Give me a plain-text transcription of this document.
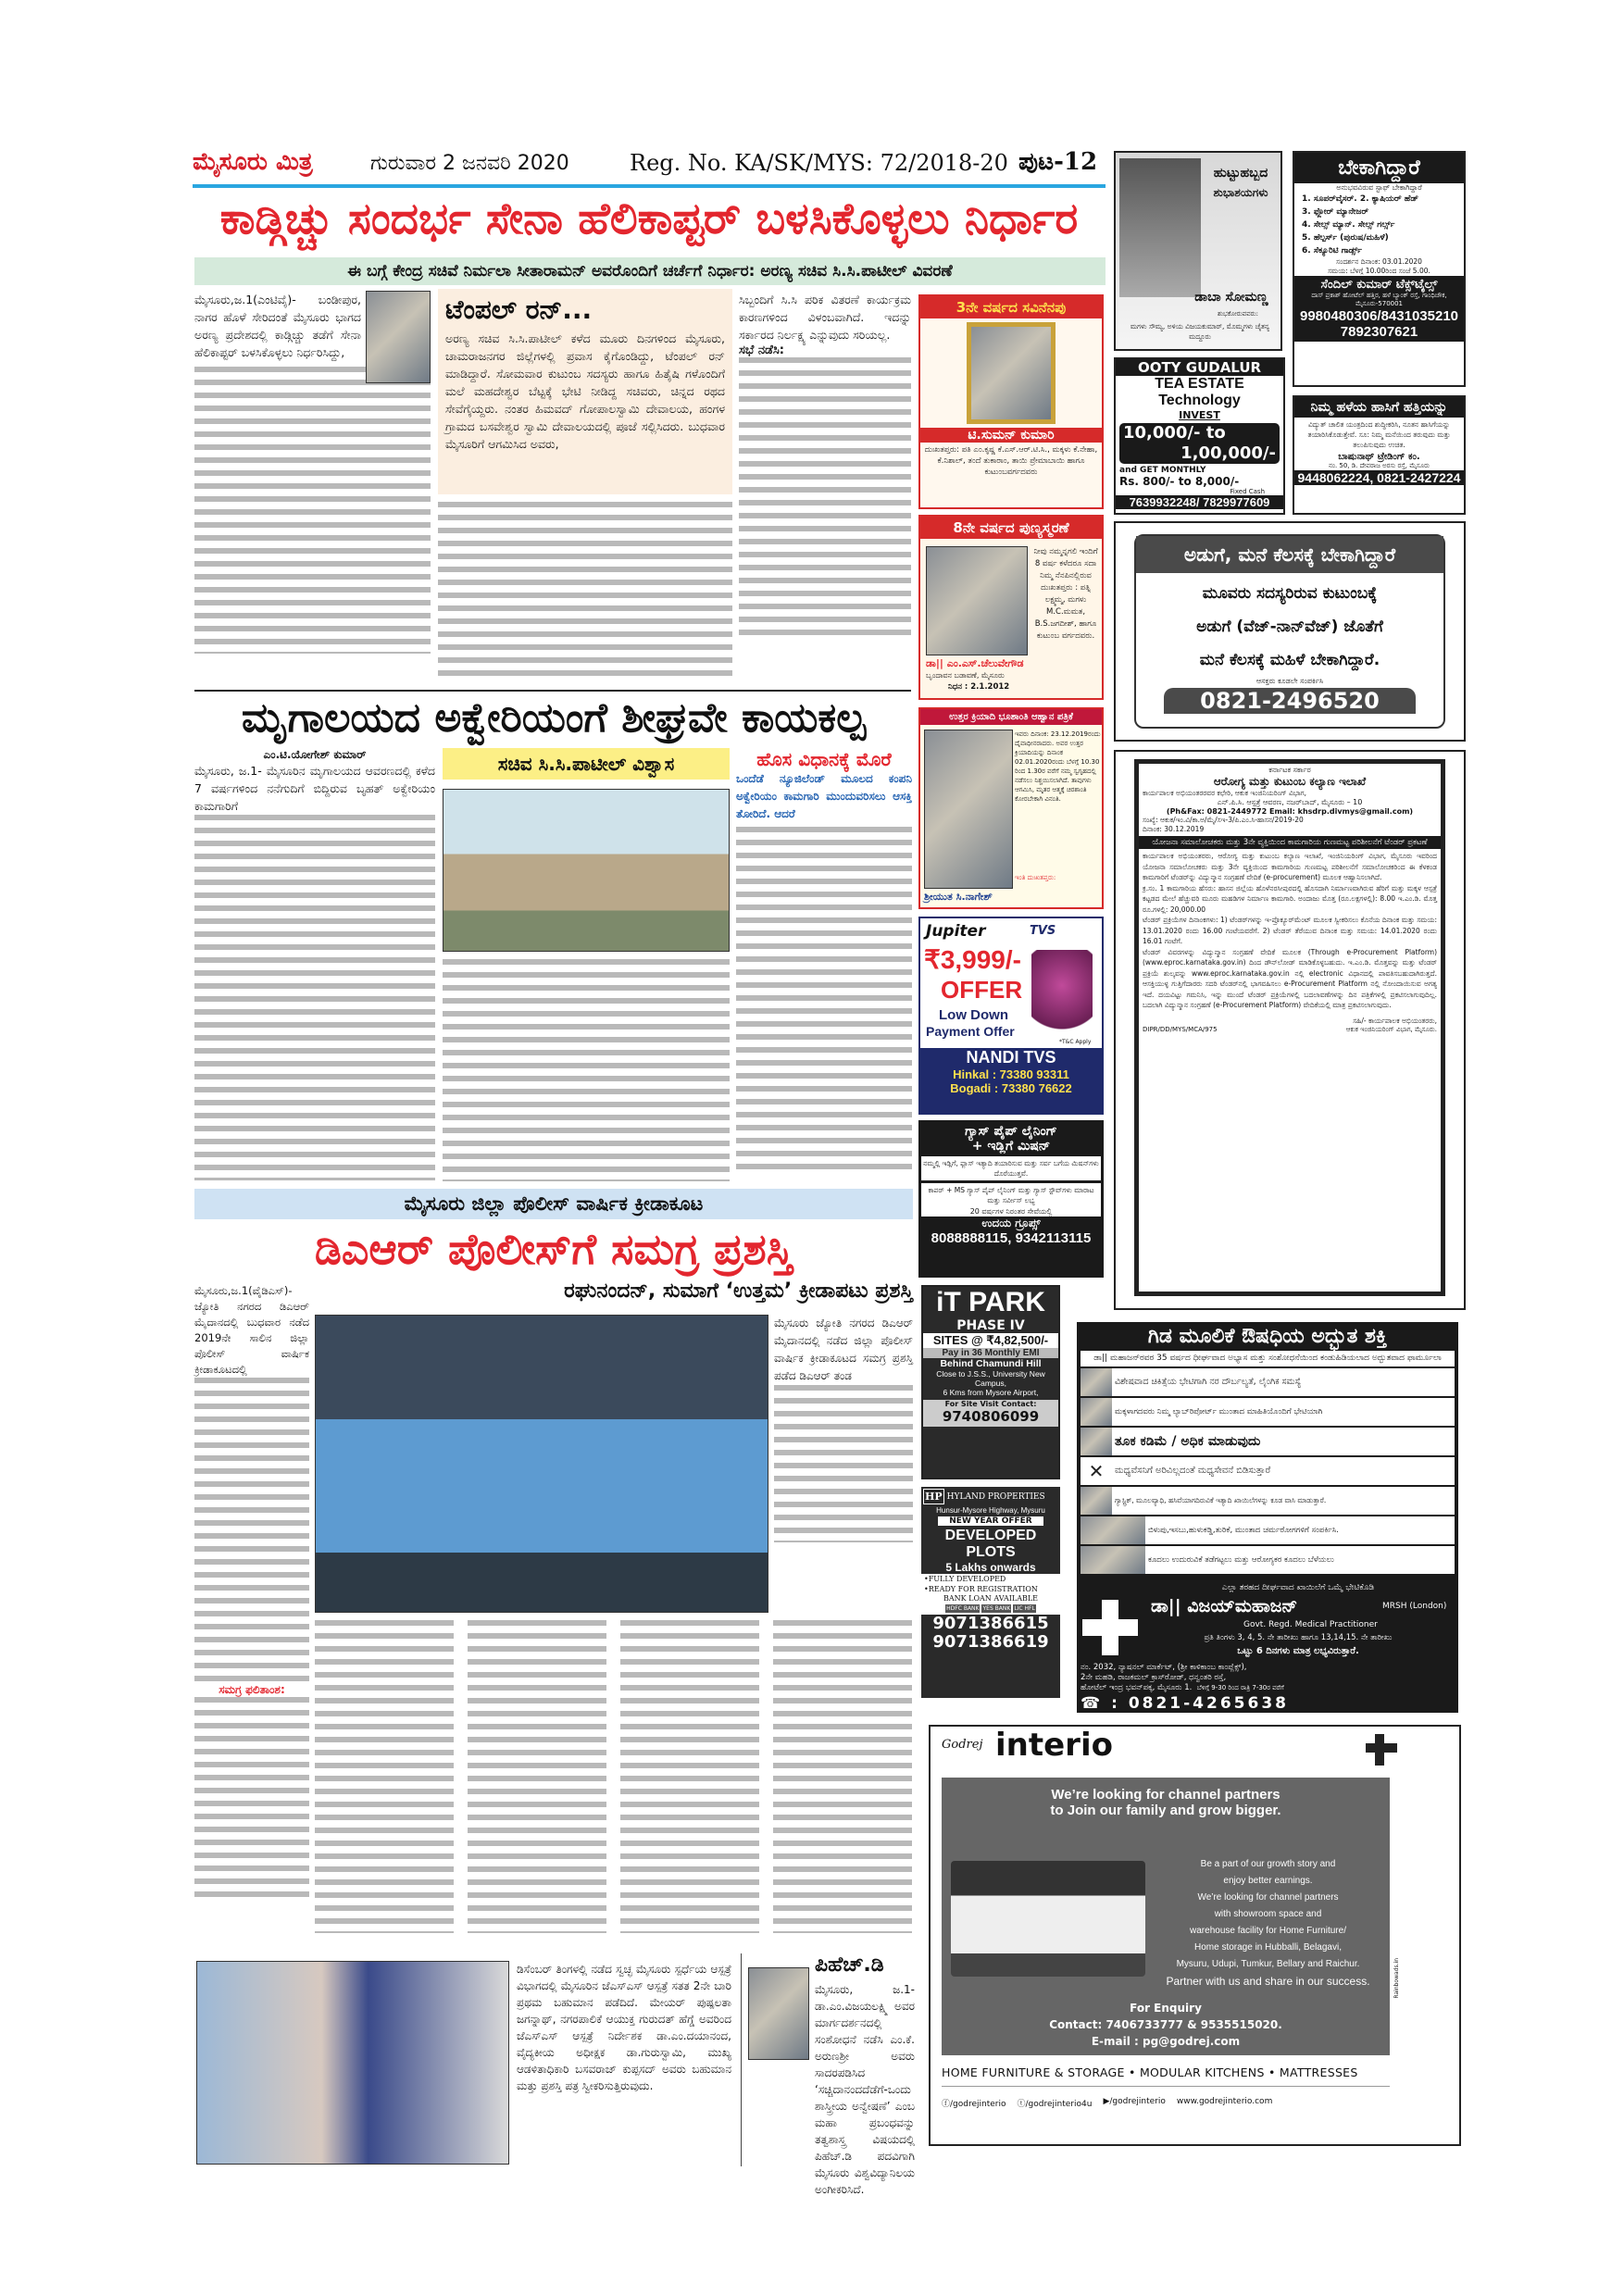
ಮೈಸೂರು ಮಿತ್ರ	ಗುರುವಾರ 2 ಜನವರಿ 2020	Reg. No. KA/SK/MYS: 72/2018-20 ಪುಟ-12
ಕಾಡ್ಗಿಚ್ಚು ಸಂದರ್ಭ ಸೇನಾ ಹೆಲಿಕಾಪ್ಟರ್ ಬಳಸಿಕೊಳ್ಳಲು ನಿರ್ಧಾರ
ಈ ಬಗ್ಗೆ ಕೇಂದ್ರ ಸಚಿವೆ ನಿರ್ಮಲಾ ಸೀತಾರಾಮನ್ ಅವರೊಂದಿಗೆ ಚರ್ಚೆಗೆ ನಿರ್ಧಾರ: ಅರಣ್ಯ ಸಚಿವ ಸಿ.ಸಿ.ಪಾಟೀಲ್ ವಿವರಣೆ
ಮೈಸೂರು,ಜ.1(ಎಂಟಿವೈ)- ಬಂಡೀಪುರ, ನಾಗರ ಹೊಳೆ ಸೇರಿದಂತೆ ಮೈಸೂರು ಭಾಗದ ಅರಣ್ಯ ಪ್ರದೇಶದಲ್ಲಿ ಕಾಡ್ಗಿಚ್ಚು ತಡೆಗೆ ಸೇನಾ ಹೆಲಿಕಾಪ್ಟರ್ ಬಳಸಿಕೊಳ್ಳಲು ನಿರ್ಧರಿಸಿದ್ದು,
ಟೆಂಪಲ್ ರನ್...
ಅರಣ್ಯ ಸಚಿವ ಸಿ.ಸಿ.ಪಾಟೀಲ್ ಕಳೆದ ಮೂರು ದಿನಗಳಿಂದ ಮೈಸೂರು, ಚಾಮರಾಜನಗರ ಜಿಲ್ಲೆಗಳಲ್ಲಿ ಪ್ರವಾಸ ಕೈಗೊಂಡಿದ್ದು, ಟೆಂಪಲ್ ರನ್ ಮಾಡಿದ್ದಾರೆ. ಸೋಮವಾರ ಕುಟುಂಬ ಸದಸ್ಯರು ಹಾಗೂ ಹಿತೈಷಿ ಗಳೊಂದಿಗೆ ಮಲೆ ಮಹದೇಶ್ವರ ಬೆಟ್ಟಕ್ಕೆ ಭೇಟಿ ನೀಡಿದ್ದ ಸಚಿವರು, ಚಿನ್ನದ ರಥದ ಸೇವೆಗೈಯ್ದರು. ನಂತರ ಹಿಮವದ್ ಗೋಪಾಲಸ್ವಾಮಿ ದೇವಾಲಯ, ಹಂಗಳ ಗ್ರಾಮದ ಬಸವೇಶ್ವರ ಸ್ವಾಮಿ ದೇವಾಲಯದಲ್ಲಿ ಪೂಜೆ ಸಲ್ಲಿಸಿದರು. ಬುಧವಾರ ಮೈಸೂರಿಗೆ ಆಗಮಿಸಿದ ಅವರು,
ಸಿಬ್ಬಂದಿಗೆ ಸಿ.ಸಿ ಪರಿಕ ವಿತರಣೆ ಕಾರ್ಯಕ್ರಮ ಕಾರಣಗಳಿಂದ ವಿಳಂಬವಾಗಿದೆ. ಇದನ್ನು ಸರ್ಕಾರದ ನಿರ್ಲಕ್ಷ್ಯ ಎನ್ನುವುದು ಸರಿಯಲ್ಲ.
ಸಭೆ ನಡೆಸಿ:
ಮೃಗಾಲಯದ ಅಕ್ವೇರಿಯಂಗೆ ಶೀಘ್ರವೇ ಕಾಯಕಲ್ಪ
ಎಂ.ಟಿ.ಯೋಗೇಶ್ ಕುಮಾರ್
ಮೈಸೂರು, ಜ.1- ಮೈಸೂರಿನ ಮೃಗಾಲಯದ ಆವರಣದಲ್ಲಿ ಕಳೆದ 7 ವರ್ಷಗಳಿಂದ ನನೆಗುದಿಗೆ ಬಿದ್ದಿರುವ ಬೃಹತ್ ಅಕ್ವೇರಿಯಂ ಕಾಮಗಾರಿಗೆ
ಸಚಿವ ಸಿ.ಸಿ.ಪಾಟೀಲ್ ವಿಶ್ವಾಸ	ಹೊಸ ವಿಧಾನಕ್ಕೆ ಮೊರೆ
ಒಂದೆಡೆ ನ್ಯೂಜಿಲೆಂಡ್ ಮೂಲದ ಕಂಪನಿ ಅಕ್ವೇರಿಯಂ ಕಾಮಗಾರಿ ಮುಂದುವರಿಸಲು ಆಸಕ್ತಿ ತೋರಿದೆ. ಆದರೆ
ಮೈಸೂರು ಜಿಲ್ಲಾ ಪೊಲೀಸ್ ವಾರ್ಷಿಕ ಕ್ರೀಡಾಕೂಟ
ಡಿಎಆರ್ ಪೊಲೀಸ್‌ಗೆ ಸಮಗ್ರ ಪ್ರಶಸ್ತಿ
ರಘುನಂದನ್, ಸುಮಾಗೆ ‘ಉತ್ತಮ’ ಕ್ರೀಡಾಪಟು ಪ್ರಶಸ್ತಿ
ಮೈಸೂರು,ಜ.1(ವೈಡಿಎಸ್)- ಜ್ಯೋತಿ ನಗರದ ಡಿಎಆರ್ ಮೈದಾನದಲ್ಲಿ ಬುಧವಾರ ನಡೆದ 2019ನೇ ಸಾಲಿನ ಜಿಲ್ಲಾ ಪೊಲೀಸ್ ವಾರ್ಷಿಕ ಕ್ರೀಡಾಕೂಟದಲ್ಲಿ
ಸಮಗ್ರ ಫಲಿತಾಂಶ:
ಮೈಸೂರು ಜ್ಯೋತಿ ನಗರದ ಡಿಎಆರ್ ಮೈದಾನದಲ್ಲಿ ನಡೆದ ಜಿಲ್ಲಾ ಪೊಲೀಸ್ ವಾರ್ಷಿಕ ಕ್ರೀಡಾಕೂಟದ ಸಮಗ್ರ ಪ್ರಶಸ್ತಿ ಪಡೆದ ಡಿಎಆರ್ ತಂಡ
ಡಿಸೆಂಬರ್ ತಿಂಗಳಲ್ಲಿ ನಡೆದ ಸ್ವಚ್ಛ ಮೈಸೂರು ಸ್ಪರ್ಧೆಯ ಆಸ್ಪತ್ರೆ ವಿಭಾಗದಲ್ಲಿ ಮೈಸೂರಿನ ಜೆಎಸ್‌ಎಸ್ ಆಸ್ಪತ್ರೆ ಸತತ 2ನೇ ಬಾರಿ ಪ್ರಥಮ ಬಹುಮಾನ ಪಡೆದಿದೆ. ಮೇಯರ್ ಪುಷ್ಪಲತಾ ಜಗನ್ನಾಥ್, ನಗರಪಾಲಿಕೆ ಆಯುಕ್ತ ಗುರುದತ್ ಹೆಗ್ಡೆ ಅವರಿಂದ ಜೆಎಸ್‌ಎಸ್ ಆಸ್ಪತ್ರೆ ನಿರ್ದೇಶಕ ಡಾ.ಎಂ.ದಯಾನಂದ, ವೈದ್ಯಕೀಯ ಅಧೀಕ್ಷಕ ಡಾ.ಗುರುಸ್ವಾಮಿ, ಮುಖ್ಯ ಆಡಳಿತಾಧಿಕಾರಿ ಬಸವರಾಜ್ ಕುಪ್ಪಸದ್ ಅವರು ಬಹುಮಾನ ಮತ್ತು ಪ್ರಶಸ್ತಿ ಪತ್ರ ಸ್ವೀಕರಿಸುತ್ತಿರುವುದು.
ಪಿಹೆಚ್.ಡಿ
ಮೈಸೂರು, ಜ.1- ಡಾ.ಎಂ.ವಿಜಯಲಕ್ಷ್ಮಿ ಅವರ ಮಾರ್ಗದರ್ಶನದಲ್ಲಿ ಸಂಶೋಧನೆ ನಡೆಸಿ ಎಂ.ಕೆ. ಅರುಣಶ್ರೀ ಅವರು ಸಾದರಪಡಿಸಿದ ‘ಸಚ್ಚಿದಾನಂದದೆಡೆಗೆ-ಒಂದು ಶಾಸ್ತ್ರೀಯ ಅನ್ವೇಷಣೆ’ ಎಂಬ ಮಹಾ ಪ್ರಬಂಧವನ್ನು ತತ್ವಶಾಸ್ತ್ರ ವಿಷಯದಲ್ಲಿ ಪಿಹೆಚ್.ಡಿ ಪದವಿಗಾಗಿ ಮೈಸೂರು ವಿಶ್ವವಿದ್ಯಾನಿಲಯ ಅಂಗೀಕರಿಸಿದೆ.
3ನೇ ವರ್ಷದ ಸವಿನೆನಪು
ಟಿ.ಸುಮನ್ ಕುಮಾರಿ
ದುಃಖತಪ್ತರು: ಪತಿ ಎಂ.ಕೃಷ್ಣ ಕೆ.ಎಸ್.ಆರ್.ಟಿ.ಸಿ., ಮಕ್ಕಳು ಕೆ.ನೇಹಾ, ಕೆ.ನಿಶಾಲ್, ತಂದೆ ತುಕಾರಾಂ, ತಾಯಿ ಪ್ರೇಮಾಬಾಯಿ ಹಾಗೂ ಕುಟುಂಬವರ್ಗದವರು
8ನೇ ವರ್ಷದ ಪುಣ್ಯಸ್ಮರಣೆ
ನೀವು ನಮ್ಮನ್ನಗಲಿ ಇಂದಿಗೆ 8 ವರ್ಷ ಕಳೆದರೂ ಸದಾ ನಿಮ್ಮ ನೆನಪಿನಲ್ಲಿರುವ ದುಃಖತಪ್ತರು : ಪತ್ನಿ ಲಕ್ಷ್ಮಮ್ಮ, ಮಗಳು M.C.ಮಮತ, B.S.ಜಗದೀಶ್, ಹಾಗೂ ಕುಟುಂಬ ವರ್ಗದವರು.
ಡಾ|| ಎಂ.ಎಸ್.ಚೆಲುವೇಗೌಡ
ಬೃಂದಾವನ ಬಡಾವಣೆ, ಮೈಸೂರು
ನಿಧನ : 2.1.2012
ಉತ್ತರ ಕ್ರಿಯಾದಿ ಭೂಶಾಂತಿ ಆಹ್ವಾನ ಪತ್ರಿಕೆ
ಇವರು ದಿನಾಂಕ: 23.12.2019ರಂದು ದೈವಾಧೀನರಾದರು. ಅವರ ಉತ್ತರ ಕ್ರಿಯಾದಿಯನ್ನು ದಿನಾಂಕ 02.01.2020ರಂದು ಬೆಳಗ್ಗೆ 10.30 ರಿಂದ 1.30ರ ವರೆಗೆ ನಮ್ಮ ಸ್ವಗೃಹದಲ್ಲಿ ನಡೆಸಲು ನಿಶ್ಚಯಿಸಲಾಗಿದೆ. ತಾವುಗಳು ಆಗಮಿಸಿ, ಮೃತರ ಆತ್ಮಕ್ಕೆ ಚಿರಶಾಂತಿ ಕೋರಬೇಕಾಗಿ ವಿನಂತಿ.
ಇಂತಿ ದುಃಖತಪ್ತರು:
ಶ್ರೀಯುತ ಸಿ.ನಾಗೇಶ್
Jupiter	TVS
₹3,999/-
OFFER
Low Down
Payment Offer
*T&C Apply
NANDI TVS
Hinkal : 73380 93311
Bogadi : 73380 76622
ಗ್ಯಾಸ್ ಪೈಪ್ ಲೈನಿಂಗ್
+ ಇಡ್ಲಿಗೆ ಮಿಷನ್
ನಮ್ಮಲ್ಲಿ ಇಡ್ಲಿಗೆ, ಫ್ಲಾಸ್ ಇತ್ಯಾದಿ ತಯಾರಿಸುವ ಮತ್ತು ಸರ್ವ ಬಗೆಯ ಮಿಷನ್‌ಗಳು ದೊರೆಯುತ್ತವೆ.
ಕಾಪರ್ + MS ಗ್ಯಾಸ್ ಪೈಪ್ ಲೈನಿಂಗ್ ಮತ್ತು ಗ್ಯಾಸ್ ಸ್ಟೌವ್‌ಗಳು ಮಾರಾಟ ಮತ್ತು ಸರ್ವೀಸ್ ಲಭ್ಯ
20 ವರ್ಷಗಳ ನಿರಂತರ ಸೇವೆಯಲ್ಲಿ
ಉದಯ ಗ್ರೂಪ್ಸ್
8088888115, 9342113115
iT PARK
PHASE IV
SITES @ ₹4,82,500/-
Pay in 36 Monthly EMI
Behind Chamundi Hill
Close to J.S.S., University New Campus,
6 Kms from Mysore Airport,
For Site Visit Contact:
9740806099
HP HYLAND PROPERTIES
Hunsur-Mysore Highway, Mysuru
NEW YEAR OFFER
DEVELOPED PLOTS
5 Lakhs onwards
•FULLY DEVELOPED
•READY FOR REGISTRATION
BANK LOAN AVAILABLE
HDFC BANK YES BANK LIC HFL
9071386615
9071386619
ಹುಟ್ಟುಹಬ್ಬದ
ಶುಭಾಶಯಗಳು
ಡಾಬಾ ಸೋಮಣ್ಣ
ಶುಭಕೋರುವವರು:
ಮಗಳು ಸೌಮ್ಯ, ಅಳಿಯ ವಿಜಯಕುಮಾರ್, ಮೊಮ್ಮಗಳು ಚೈತನ್ಯ ಮದ್ದೂರು
ಬೇಕಾಗಿದ್ದಾರೆ
ಅನುಭವವಿರುವ ಸ್ಟಾಫ್ ಬೇಕಾಗಿದ್ದಾರೆ
1. ಸೂಪರ್‌ವೈಸರ್. 2. ಕ್ಯಾಷಿಯರ್ ಹೆಡ್
3. ಫ್ಲೋರ್ ಮ್ಯಾನೇಜರ್
4. ಸೇಲ್ಸ್ ಮ್ಯಾನ್. ಸೇಲ್ಸ್ ಗರ್ಲ್ಸ್
5. ಹೆಲ್ಪರ್ಸ್ (ಪುರುಷ/ಮಹಿಳೆ)
6. ಸೆಕ್ಯೂರಿಟಿ ಗಾರ್ಡ್ಸ್
ಸಂದರ್ಶನ ದಿನಾಂಕ: 03.01.2020
ಸಮಯ: ಬೆಳಗ್ಗೆ 10.00ರಿಂದ ಸಂಜೆ 5.00.
ಸೆಂದಿಲ್ ಕುಮಾರ್ ಟೆಕ್ಸ್‌ಟೈಲ್ಸ್
ದಾಸ್ ಪ್ರಕಾಶ್ ಹೋಟೆಲ್ ಹತ್ತಿರ, ಹಳೆ ಬ್ಯಾಂಕ್ ರಸ್ತೆ, ಗಾಂಧಿಚೌಕ, ಮೈಸೂರು-570001
9980480306/8431035210
7892307621
OOTY GUDALUR
TEA ESTATE Technology
INVEST
10,000/- to
1,00,000/-
and GET MONTHLY
Rs. 800/- to 8,000/-
Fixed Cash
7639932248/ 7829977609
ನಿಮ್ಮ ಹಳೆಯ ಹಾಸಿಗೆ ಹತ್ತಿಯನ್ನು
ವಿದ್ಯುತ್ ಚಾಲಿತ ಯಂತ್ರದಿಂದ ಶುದ್ಧೀಕರಿಸಿ, ನೂತನ ಹಾಸಿಗೆಯನ್ನು ತಯಾರಿಸಿಕೊಡುತ್ತೇವೆ. ಸೂ: ನಿಮ್ಮ ಮನೆಯಿಂದ ತರುವುದು ಮತ್ತು ತಲುಪಿಸುವುದು ಉಚಿತ.
ಬಾಷುನಾಥ್ ಟ್ರೇಡಿಂಗ್ ಕಂ.
ನಂ. 50, ಡಿ. ದೇವರಾಜ ಅರಸು ರಸ್ತೆ, ಮೈಸೂರು
9448062224, 0821-2427224
ಅಡುಗೆ, ಮನೆ ಕೆಲಸಕ್ಕೆ ಬೇಕಾಗಿದ್ದಾರೆ
ಮೂವರು ಸದಸ್ಯರಿರುವ ಕುಟುಂಬಕ್ಕೆ
ಅಡುಗೆ (ವೆಜ್-ನಾನ್‌ವೆಜ್) ಜೊತೆಗೆ
ಮನೆ ಕೆಲಸಕ್ಕೆ ಮಹಿಳೆ ಬೇಕಾಗಿದ್ದಾರೆ.
ಆಸಕ್ತರು ಕೂಡಲೇ ಸಂಪರ್ಕಿಸಿ
0821-2496520
ಕರ್ನಾಟಕ ಸರ್ಕಾರ
ಆರೋಗ್ಯ ಮತ್ತು ಕುಟುಂಬ ಕಲ್ಯಾಣ ಇಲಾಖೆ
ಕಾರ್ಯಪಾಲಕ ಅಭಿಯಂತರರವರ ಕಛೇರಿ, ಆಕುಕ ಇಂಜಿನಿಯರಿಂಗ್ ವಿಭಾಗ,
ಎನ್.ಪಿ.ಸಿ. ಆಸ್ಪತ್ರೆ ಆವರಣ, ನಜರ್‌ಬಾದ್, ಮೈಸೂರು – 10
(Ph&Fax: 0821-2449772 Email: khsdrp.divmys@gmail.com)
ಸಂಖ್ಯೆ: ಆಕುಕ/ಇಂ.ವಿ/ಕಾ.ಅ/ಮೈ/ಸಇ-3/ಪಿ.ಎಂ.ಸಿ-ಹಾಸನ/2019-20
ದಿನಾಂಕ: 30.12.2019
ಯೋಜನಾ ಸಮಾಲೋಚಕರು ಮತ್ತು 3ನೇ ವ್ಯಕ್ತಿಯಿಂದ ಕಾಮಗಾರಿಯ ಗುಣಮಟ್ಟ ಪರಿಶೀಲನೆಗೆ ಟೆಂಡರ್ ಪ್ರಕಟಣೆ
ಕಾರ್ಯಪಾಲಕ ಅಭಿಯಂತರರು, ಆರೋಗ್ಯ ಮತ್ತು ಕುಟುಂಬ ಕಲ್ಯಾಣ ಇಲಾಖೆ, ಇಂಜಿನಿಯರಿಂಗ್ ವಿಭಾಗ, ಮೈಸೂರು ಇವರಿಂದ ಯೋಜನಾ ಸಮಾಲೋಚಕರು ಮತ್ತು 3ನೇ ವ್ಯಕ್ತಿಯಿಂದ ಕಾಮಗಾರಿಯ ಗುಣಮಟ್ಟ ಪರಿಶೀಲನೆಗೆ ಸಮಾಲೋಚಕರಿಂದ ಈ ಕೆಳಕಂಡ ಕಾಮಗಾರಿಗೆ ಟೆಂಡರ್‌ನ್ನು ವಿದ್ಯುನ್ಮಾನ ಸಂಗ್ರಹಣೆ ವೇದಿಕೆ (e-procurement) ಮೂಲಕ ಆಹ್ವಾನಿಸಲಾಗಿದೆ.
ಕ್ರ.ಸಂ. 1 ಕಾಮಗಾರಿಯ ಹೆಸರು: ಹಾಸನ ಜಿಲ್ಲೆಯ ಹೊಳೆನರಸೀಪುರದಲ್ಲಿ ಹೊಸದಾಗಿ ನಿರ್ಮಾಣವಾಗಿರುವ ಹೆರಿಗೆ ಮತ್ತು ಮಕ್ಕಳ ಆಸ್ಪತ್ರೆ ಕಟ್ಟಡದ ಮೇಲೆ ಹೆಚ್ಚುವರಿ ಮೂರು ಮಹಡಿಗಳ ನಿರ್ಮಾಣ ಕಾಮಗಾರಿ. ಅಂದಾಜು ಮೊತ್ತ (ರೂ.ಲಕ್ಷಗಳಲ್ಲಿ): 8.00 ಇ.ಎಂ.ಡಿ. ಮೊತ್ತ ರೂ.ಗಳಲ್ಲಿ: 20,000.00
ಟೆಂಡರ್ ಪ್ರಕ್ರಿಯೆಗಳ ದಿನಾಂಕಗಳು: 1) ಟೆಂಡರ್‌ಗಳನ್ನು ಇ-ಪ್ರೊಕ್ಯೂರ್‌ಮೆಂಟ್ ಮೂಲಕ ಸ್ವೀಕರಿಸಲು ಕೊನೆಯ ದಿನಾಂಕ ಮತ್ತು ಸಮಯ: 13.01.2020 ರಂದು 16.00 ಗಂಟೆಯವರೆಗೆ. 2) ಟೆಂಡರ್ ತೆರೆಯುವ ದಿನಾಂಕ ಮತ್ತು ಸಮಯ: 14.01.2020 ರಂದು 16.01 ಗಂಟೆಗೆ.
ಟೆಂಡರ್ ವಿವರಗಳನ್ನು ವಿದ್ಯುನ್ಮಾನ ಸಂಗ್ರಹಣೆ ವೇದಿಕೆ ಮೂಲಕ (Through e-Procurement Platform) (www.eproc.karnataka.gov.in) ದಿಂದ ಡೌನ್‌ಲೋಡ್ ಮಾಡಿಕೊಳ್ಳಬಹುದು. ಇ.ಎಂ.ಡಿ. ಮೊತ್ತವನ್ನು ಮತ್ತು ಟೆಂಡರ್ ಪ್ರಕ್ರಿಯೆ ಶುಲ್ಕವನ್ನು www.eproc.karnataka.gov.in ನಲ್ಲಿ electronic ವಿಧಾನದಲ್ಲಿ ಪಾವತಿಸಬಹುದಾಗಿರುತ್ತದೆ. ಆಸಕ್ತಿಯುಳ್ಳ ಗುತ್ತಿಗೆದಾರರು ಸದರಿ ಟೆಂಡರ್‌ನಲ್ಲಿ ಭಾಗವಹಿಸಲು e-Procurement Platform ನಲ್ಲಿ ನೋಂದಾಯಿಸುವ ಅಗತ್ಯ ಇದೆ. ದಯವಿಟ್ಟು ಗಮನಿಸಿ, ಇನ್ನು ಮುಂದೆ ಟೆಂಡರ್ ಪ್ರಕ್ರಿಯೆಗಳಲ್ಲಿ ಬದಲಾವಣೆಗಳನ್ನು ದಿನ ಪತ್ರಿಕೆಗಳಲ್ಲಿ ಪ್ರಕಟಿಸಲಾಗುವುದಿಲ್ಲ. ಬದಲಾಗಿ ವಿದ್ಯುನ್ಮಾನ ಸಂಗ್ರಹಣೆ (e-Procurement Platform) ವೇದಿಕೆಯಲ್ಲಿ ಮಾತ್ರ ಪ್ರಕಟಿಸಲಾಗುವುದು.
ಸಹಿ/- ಕಾರ್ಯಪಾಲಕ ಅಭಿಯಂತರರು,
DIPR/DD/MYS/MCA/975	ಆಕುಕ ಇಂಜಿನಿಯರಿಂಗ್ ವಿಭಾಗ, ಮೈಸೂರು.
ಗಿಡ ಮೂಲಿಕೆ ಔಷಧಿಯ ಅದ್ಭುತ ಶಕ್ತಿ
ಡಾ|| ಮಹಾಜನ್‌ರವರ 35 ವರ್ಷದ ಧೀರ್ಘವಾದ ಅಭ್ಯಾಸ ಮತ್ತು ಸಂಶೋಧನೆಯಿಂದ ಕಂಡುಹಿಡಿಯಲಾದ ಅದ್ಭುತವಾದ ಫಾರ್ಮೂಲಾ
ವಿಶೇಷವಾದ ಚಿಕಿತ್ಸೆಯ ಭೇಟಿಗಾಗಿ ನರ ದೌರ್ಬಲ್ಯತೆ, ಲೈಂಗಿಕ ಸಮಸ್ಯೆ
ಮಕ್ಕಳಾಗದವರು ನಿಮ್ಮ ಲ್ಯಾಬ್‌ರಿಪೋರ್ಟ್ ಮುಂತಾದ ಮಾಹಿತಿಯೊಂದಿಗೆ ಭೇಟಿಯಾಗಿ
ತೂಕ ಕಡಿಮೆ / ಅಧಿಕ ಮಾಡುವುದು
✕	ಮಧ್ಯವೆಸನಿಗೆ ಅರಿವಿಲ್ಲದಂತೆ ಮಧ್ಯಸೇವನೆ ಬಿಡಿಸುತ್ತಾರೆ
ಗ್ಯಾಸ್ಟ್ರಿಕ್, ಮೂಲವ್ಯಾಧಿ, ಹಸಿವೆಯಾಗದಿರುವಿಕೆ ಇತ್ಯಾದಿ ಖಾಯಿಲೆಗಳನ್ನು ಕೂಡ ವಾಸಿ ಮಾಡುತ್ತಾರೆ.
ಬಿಳುಪು,ಇಸಬು,ಹುಳುಕಡ್ಡಿ,ತುರಿಕೆ, ಮುಂತಾದ ಚರ್ಮರೋಗಗಳಿಗೆ ಸಂಪರ್ಕಿಸಿ.
ಕೂದಲು ಉದುರುವಿಕೆ ತಡೆಗಟ್ಟಲು ಮತ್ತು ಆರೋಗ್ಯಕರ ಕೂದಲು ಬೆಳೆಯಲು
ಎಲ್ಲಾ ತರಹದ ದೀರ್ಘವಾದ ಖಾಯಿಲೆಗೆ ಒಮ್ಮೆ ಭೇಟಿಕೊಡಿ
ಡಾ|| ವಿಜಯ್‌ಮಹಾಜನ್	MRSH (London)
Govt. Regd. Medical Practitioner
ಪ್ರತಿ ತಿಂಗಳು 3, 4, 5. ನೇ ತಾರೀಖು ಹಾಗೂ 13,14,15. ನೇ ತಾರೀಖು
ಒಟ್ಟು 6 ದಿನಗಳು ಮಾತ್ರ ಲಭ್ಯವಿರುತ್ತಾರೆ.
ನಂ. 2032, ನ್ಯಾಷನಲ್ ಮಾರ್ಕೆಟ್, (ಶ್ರೀ ಕಾಳಿಕಾಂಬ ಕಾಂಪ್ಲೆಕ್ಸ್),
2ನೇ ಮಹಡಿ, ರಾಜಕಮಲ್ ಕ್ರಾಸ್‌ರೋಡ್, ಧನ್ವಂತರಿ ರಸ್ತೆ,
ಹೋಟೆಲ್ ಇಂದ್ರ ಭವನ್‌ಪಕ್ಕ, ಮೈಸೂರು 1. ಬೆಳಿಗ್ಗೆ 9-30 ರಿಂದ ರಾತ್ರಿ 7-30ರ ವರೆಗೆ
☎ : 0821-4265638
Godrej interio
We’re looking for channel partners
to Join our family and grow bigger.
Be a part of our growth story and
enjoy better earnings.
We’re looking for channel partners
with showroom space and
warehouse facility for Home Furniture/
Home storage in Hubballi, Belagavi,
Mysuru, Udupi, Tumkur, Bellary and Raichur.
Partner with us and share in our success.
For Enquiry
Contact: 7406733777 & 9535515020.
E-mail : pg@godrej.com
Rainbowads.in
HOME FURNITURE & STORAGE • MODULAR KITCHENS • MATTRESSES
ⓕ/godrejinterio ⓣ/godrejinterio4u ▶/godrejinterio www.godrejinterio.com
